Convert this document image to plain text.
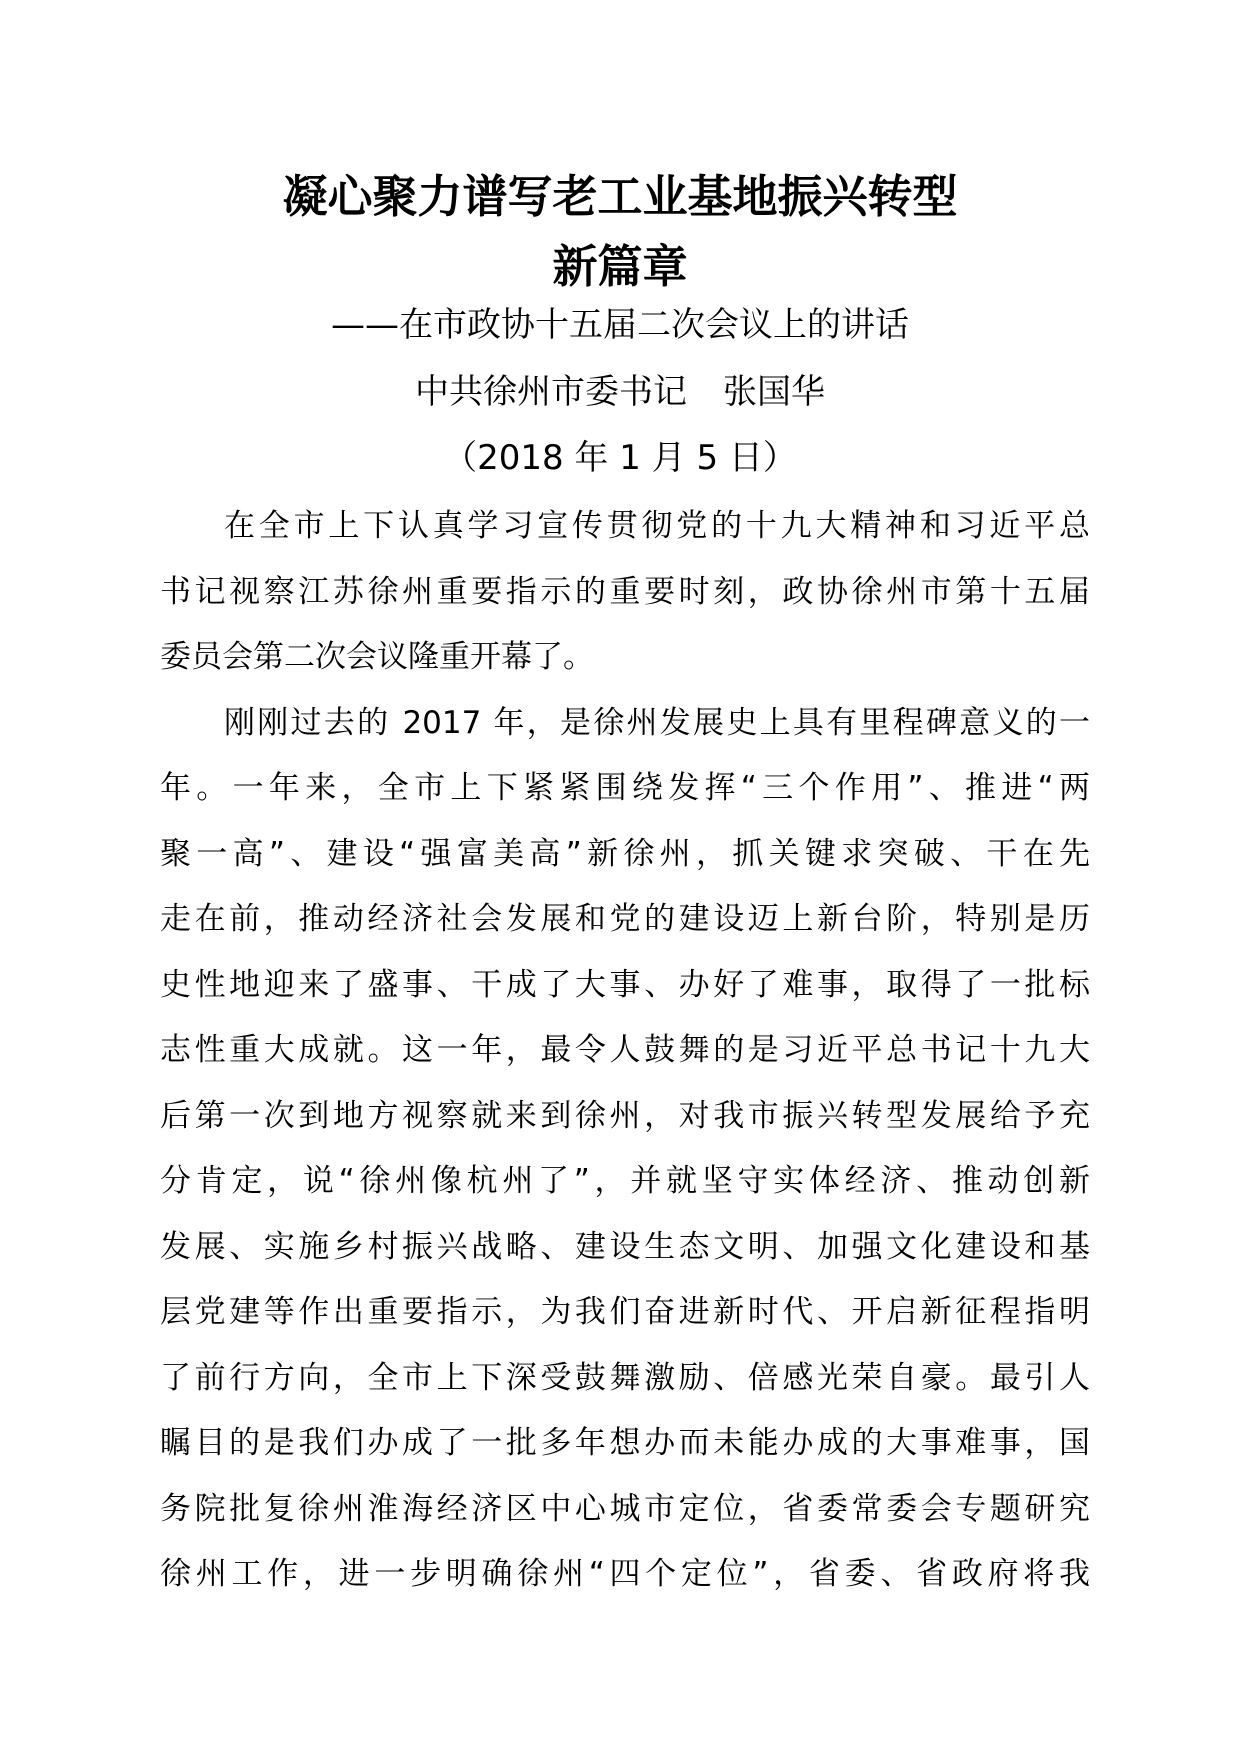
凝心聚力谱写老工业基地振兴转型
新篇章
——在市政协十五届二次会议上的讲话
中共徐州市委书记 张国华
（2018 年 1 月 5 日）
在全市上下认真学习宣传贯彻党的十九大精神和习近平总
书记视察江苏徐州重要指示的重要时刻，政协徐州市第十五届
委员会第二次会议隆重开幕了。
刚刚过去的 2017 年，是徐州发展史上具有里程碑意义的一
年。一年来，全市上下紧紧围绕发挥“三个作用”、推进“两
聚一高”、建设“强富美高”新徐州，抓关键求突破、干在先
走在前，推动经济社会发展和党的建设迈上新台阶，特别是历
史性地迎来了盛事、干成了大事、办好了难事，取得了一批标
志性重大成就。这一年，最令人鼓舞的是习近平总书记十九大
后第一次到地方视察就来到徐州，对我市振兴转型发展给予充
分肯定，说“徐州像杭州了”，并就坚守实体经济、推动创新
发展、实施乡村振兴战略、建设生态文明、加强文化建设和基
层党建等作出重要指示，为我们奋进新时代、开启新征程指明
了前行方向，全市上下深受鼓舞激励、倍感光荣自豪。最引人
瞩目的是我们办成了一批多年想办而未能办成的大事难事，国
务院批复徐州淮海经济区中心城市定位，省委常委会专题研究
徐州工作，进一步明确徐州“四个定位”，省委、省政府将我
